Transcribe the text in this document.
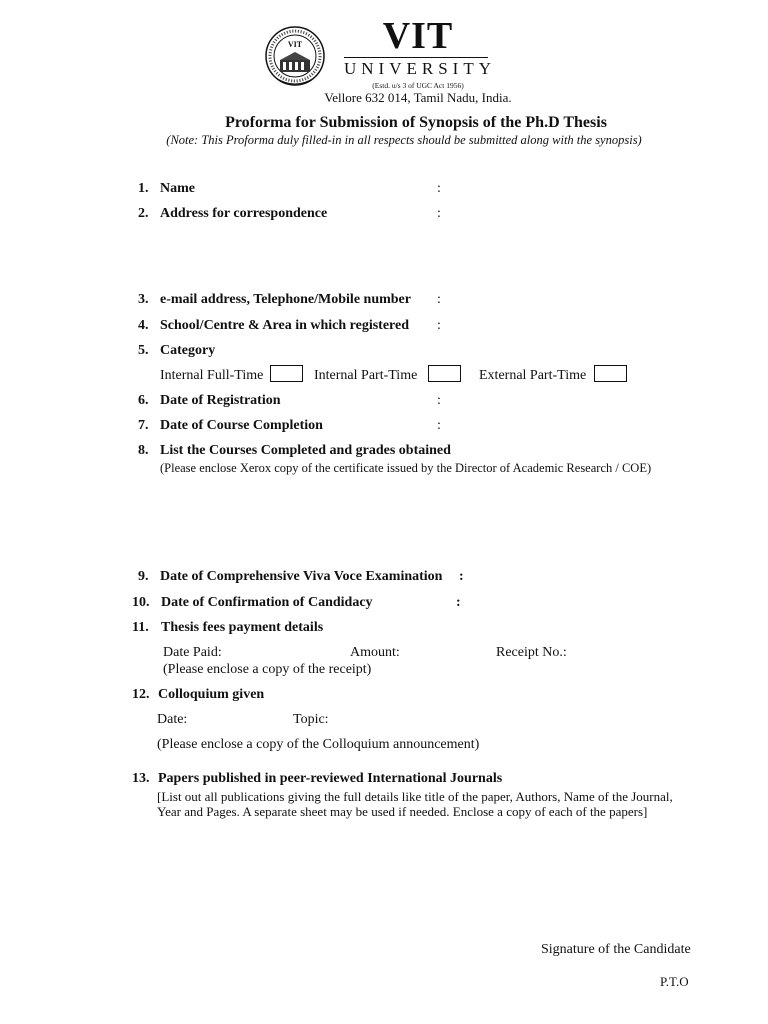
VIT	VIT
UNIVERSITY
(Estd. u/s 3 of UGC Act 1956)
Vellore 632 014, Tamil Nadu, India.
Proforma for Submission of Synopsis of the Ph.D Thesis
(Note: This Proforma duly filled-in in all respects should be submitted along with the synopsis)
1. Name	:
2. Address for correspondence	:
3. e-mail address, Telephone/Mobile number :
4. School/Centre & Area in which registered :
5. Category
Internal Full-Time	Internal Part-Time	External Part-Time
6. Date of Registration	:
7. Date of Course Completion	:
8. List the Courses Completed and grades obtained
(Please enclose Xerox copy of the certificate issued by the Director of Academic Research / COE)
9. Date of Comprehensive Viva Voce Examination :
10. Date of Confirmation of Candidacy	:
11. Thesis fees payment details
Date Paid:	Amount:	Receipt No.:
(Please enclose a copy of the receipt)
12. Colloquium given
Date:	Topic:
(Please enclose a copy of the Colloquium announcement)
13. Papers published in peer-reviewed International Journals
[List out all publications giving the full details like title of the paper, Authors, Name of the Journal,
Year and Pages. A separate sheet may be used if needed. Enclose a copy of each of the papers]
Signature of the Candidate
P.T.O
